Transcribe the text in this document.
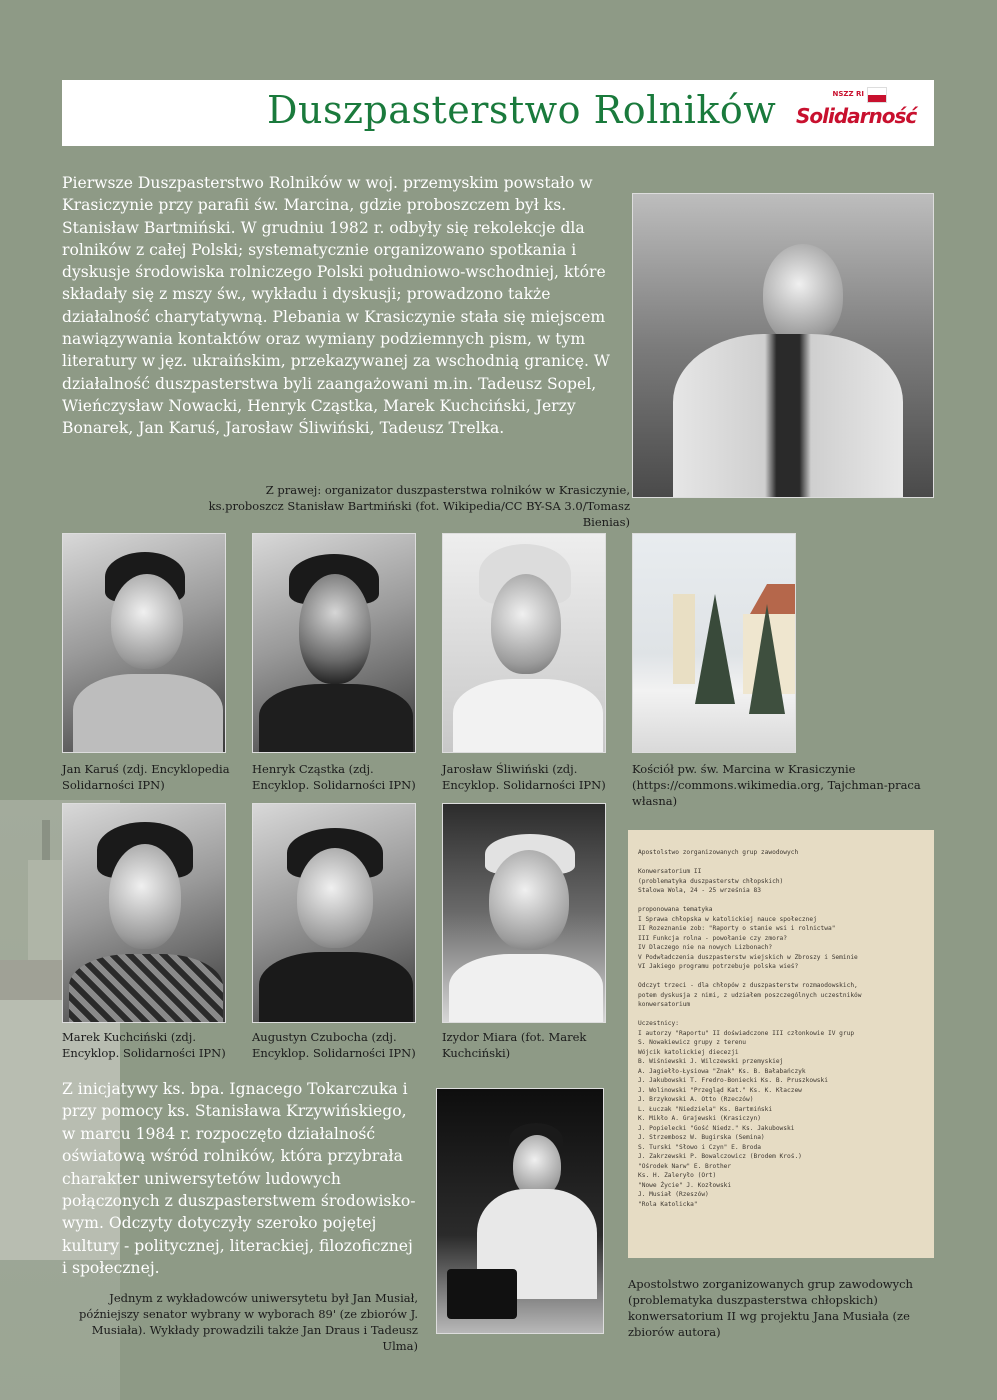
Duszpasterstwo Rolników	NSZZ RI
Solidarność

Pierwsze Duszpasterstwo Rolników w woj. przemyskim powstało w Krasiczynie przy parafii św. Marcina, gdzie proboszczem był ks. Stanisław Bartmiński. W grudniu 1982 r. odbyły się rekolekcje dla rolników z całej Polski; systematycznie organizowano spotkania i dyskusje środowiska rolniczego Polski południowo-wschodniej, które składały się z mszy św., wykładu i dyskusji; prowadzono także działalność charytatywną. Plebania w Krasiczynie stała się miejscem nawiązywania kontaktów oraz wymiany podziemnych pism, w tym literatury w jęz. ukraińskim, przekazywanej za wschodnią granicę. W działalność duszpasterstwa byli zaangażowani m.in. Tadeusz Sopel, Wieńczysław Nowacki, Henryk Cząstka, Marek Kuchciński, Jerzy Bonarek, Jan Karuś, Jarosław Śliwiński, Tadeusz Trelka.

Z prawej: organizator duszpasterstwa rolników w Krasiczynie, ks.proboszcz Stanisław Bartmiński (fot. Wikipedia/CC BY-SA 3.0/Tomasz Bienias)

Jan Karuś (zdj. Encyklopedia Solidarności IPN)

Henryk Cząstka (zdj. Encyklop. Solidarności IPN)

Jarosław Śliwiński (zdj. Encyklop. Solidarności IPN)

Kościół pw. św. Marcina w Krasiczynie (https://commons.wikimedia.org, Tajchman-praca własna)

Marek Kuchciński (zdj. Encyklop. Solidarności IPN)

Augustyn Czubocha (zdj. Encyklop. Solidarności IPN)

Izydor Miara (fot. Marek Kuchciński)

Apostolstwo zorganizowanych grup zawodowych

Konwersatorium II
(problematyka duszpasterstw chłopskich)
Stalowa Wola, 24 - 25 września 83

proponowana tematyka
I Sprawa chłopska w katolickiej nauce społecznej
II Rozeznanie zob: "Raporty o stanie wsi i rolnictwa"
III Funkcja rolna - powołanie czy zmora?
IV Dlaczego nie na nowych Lizbonach?
V Podwładczenia duszpasterstw wiejskich w Zbroszy i Seminie
VI Jakiego programu potrzebuje polska wieś?

Odczyt trzeci - dla chłopów z duszpasterstw rozmaodowskich,
potem dyskusja z nimi, z udziałem poszczególnych uczestników
konwersatorium

Uczestnicy:
I autorzy "Raportu" II doświadczone III członkowie IV grup
S. Nowakiewicz grupy z terenu
Wójcik katolickiej diecezji
B. Wiśniewski J. Wilczewski przemyskiej
A. Jagiełło-Łysiowa "Znak" Ks. B. Bałabańczyk
J. Jakubowski T. Fredro-Boniecki Ks. B. Pruszkowski
J. Wolinowski "Przegląd Kat." Ks. K. Kłaczew
J. Brzykowski A. Otto (Rzeczów)
L. Łuczak "Niedziela" Ks. Bartmiński
K. Mikło A. Grajewski (Krasiczyn)
J. Popielecki "Gość Niedz." Ks. Jakubowski
J. Strzembosz W. Bugirska (Semina)
S. Turski "Słowo i Czyn" E. Broda
J. Zakrzewski P. Bowalczowicz (Brodem Kroś.)
"Ośrodek Narw" E. Brother
Ks. H. Zaleryło (Ort)
"Nowe Życie" J. Kozłowski
J. Musiał (Rzeszów)
"Rola Katolicka"

Apostolstwo zorganizowanych grup zawodowych (problematyka duszpasterstwa chłopskich) konwersatorium II wg projektu Jana Musiała (ze zbiorów autora)

Z inicjatywy ks. bpa. Ignacego Tokarczuka i przy pomocy ks. Stanisława Krzywińskiego, w marcu 1984 r. rozpoczęto działalność oświatową wśród rolników, która przybrała charakter uniwersytetów ludowych połączonych z duszpasterstwem środowisko-wym. Odczyty dotyczyły szeroko pojętej kultury - politycznej, literackiej, filozoficznej i społecznej.

Jednym z wykładowców uniwersytetu był Jan Musiał, późniejszy senator wybrany w wyborach 89' (ze zbiorów J. Musiała). Wykłady prowadzili także Jan Draus i Tadeusz Ulma)
